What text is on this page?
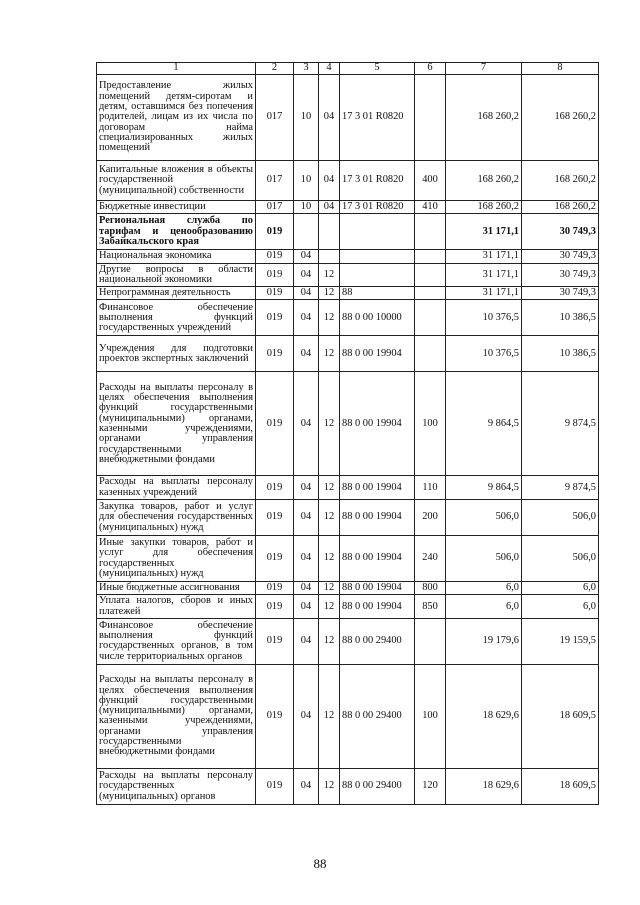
1	2	3	4	5	6	7	8
Предоставление жилых помещений детям-сиротам и детям, оставшимся без попечения родителей, лицам из их числа по договорам найма специализированных жилых помещений	017	10	04	17 3 01 R0820		168 260,2	168 260,2
Капитальные вложения в объекты государственной (муниципальной) собственности	017	10	04	17 3 01 R0820	400	168 260,2	168 260,2
Бюджетные инвестиции	017	10	04	17 3 01 R0820	410	168 260,2	168 260,2
Региональная служба по тарифам и ценообразованию Забайкальского края	019					31 171,1	30 749,3
Национальная экономика	019	04				31 171,1	30 749,3
Другие вопросы в области национальной экономики	019	04	12			31 171,1	30 749,3
Непрограммная деятельность	019	04	12	88		31 171,1	30 749,3
Финансовое обеспечение выполнения функций государственных учреждений	019	04	12	88 0 00 10000		10 376,5	10 386,5
Учреждения для подготовки проектов экспертных заключений	019	04	12	88 0 00 19904		10 376,5	10 386,5
Расходы на выплаты персоналу в целях обеспечения выполнения функций государственными (муниципальными) органами, казенными учреждениями, органами управления государственными внебюджетными фондами	019	04	12	88 0 00 19904	100	9 864,5	9 874,5
Расходы на выплаты персоналу казенных учреждений	019	04	12	88 0 00 19904	110	9 864,5	9 874,5
Закупка товаров, работ и услуг для обеспечения государственных (муниципальных) нужд	019	04	12	88 0 00 19904	200	506,0	506,0
Иные закупки товаров, работ и услуг для обеспечения государственных (муниципальных) нужд	019	04	12	88 0 00 19904	240	506,0	506,0
Иные бюджетные ассигнования	019	04	12	88 0 00 19904	800	6,0	6,0
Уплата налогов, сборов и иных платежей	019	04	12	88 0 00 19904	850	6,0	6,0
Финансовое обеспечение выполнения функций государственных органов, в том числе территориальных органов	019	04	12	88 0 00 29400		19 179,6	19 159,5
Расходы на выплаты персоналу в целях обеспечения выполнения функций государственными (муниципальными) органами, казенными учреждениями, органами управления государственными внебюджетными фондами	019	04	12	88 0 00 29400	100	18 629,6	18 609,5
Расходы на выплаты персоналу государственных (муниципальных) органов	019	04	12	88 0 00 29400	120	18 629,6	18 609,5
88
